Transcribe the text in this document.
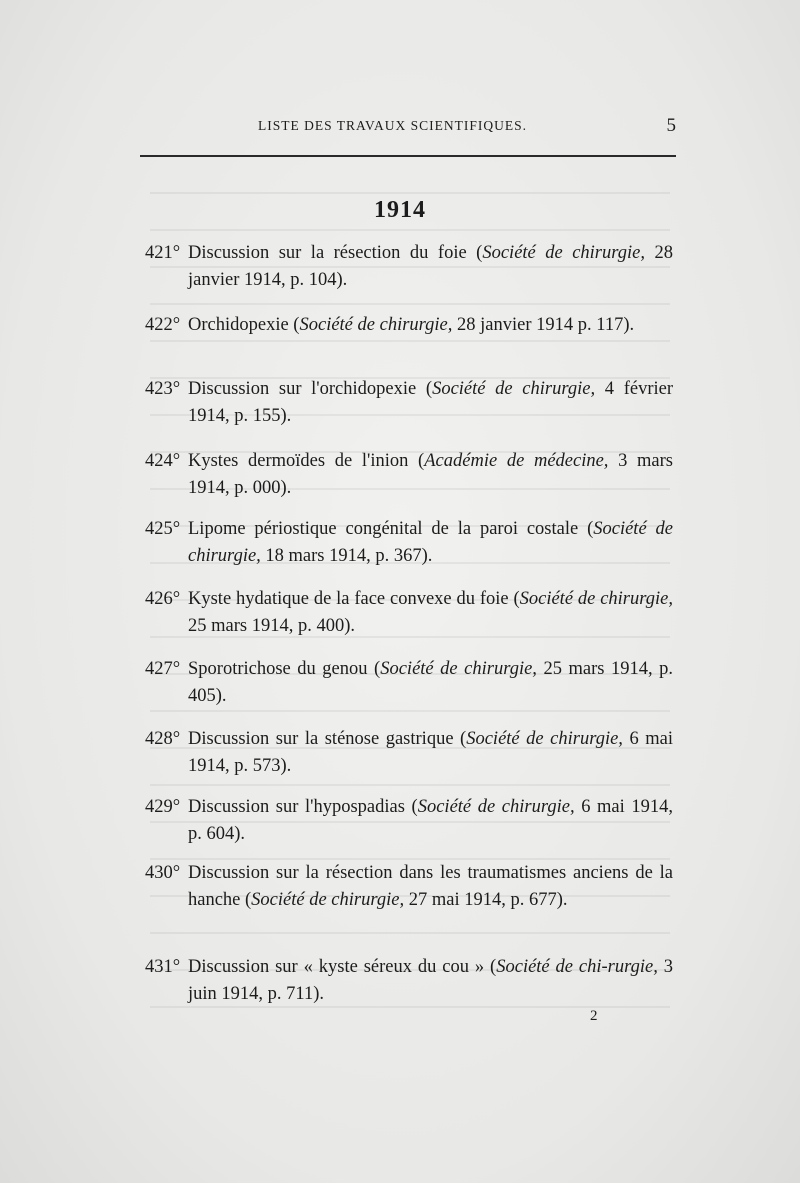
LISTE DES TRAVAUX SCIENTIFIQUES.	5
1914
421° Discussion sur la résection du foie (Société de chirurgie, 28 janvier 1914, p. 104).
422° Orchidopexie (Société de chirurgie, 28 janvier 1914 p. 117).
423° Discussion sur l'orchidopexie (Société de chirurgie, 4 février 1914, p. 155).
424° Kystes dermoïdes de l'inion (Académie de médecine, 3 mars 1914, p. 000).
425° Lipome périostique congénital de la paroi costale (Société de chirurgie, 18 mars 1914, p. 367).
426° Kyste hydatique de la face convexe du foie (Société de chirurgie, 25 mars 1914, p. 400).
427° Sporotrichose du genou (Société de chirurgie, 25 mars 1914, p. 405).
428° Discussion sur la sténose gastrique (Société de chirurgie, 6 mai 1914, p. 573).
429° Discussion sur l'hypospadias (Société de chirurgie, 6 mai 1914, p. 604).
430° Discussion sur la résection dans les traumatismes anciens de la hanche (Société de chirurgie, 27 mai 1914, p. 677).
431° Discussion sur « kyste séreux du cou » (Société de chi-rurgie, 3 juin 1914, p. 711).
2
